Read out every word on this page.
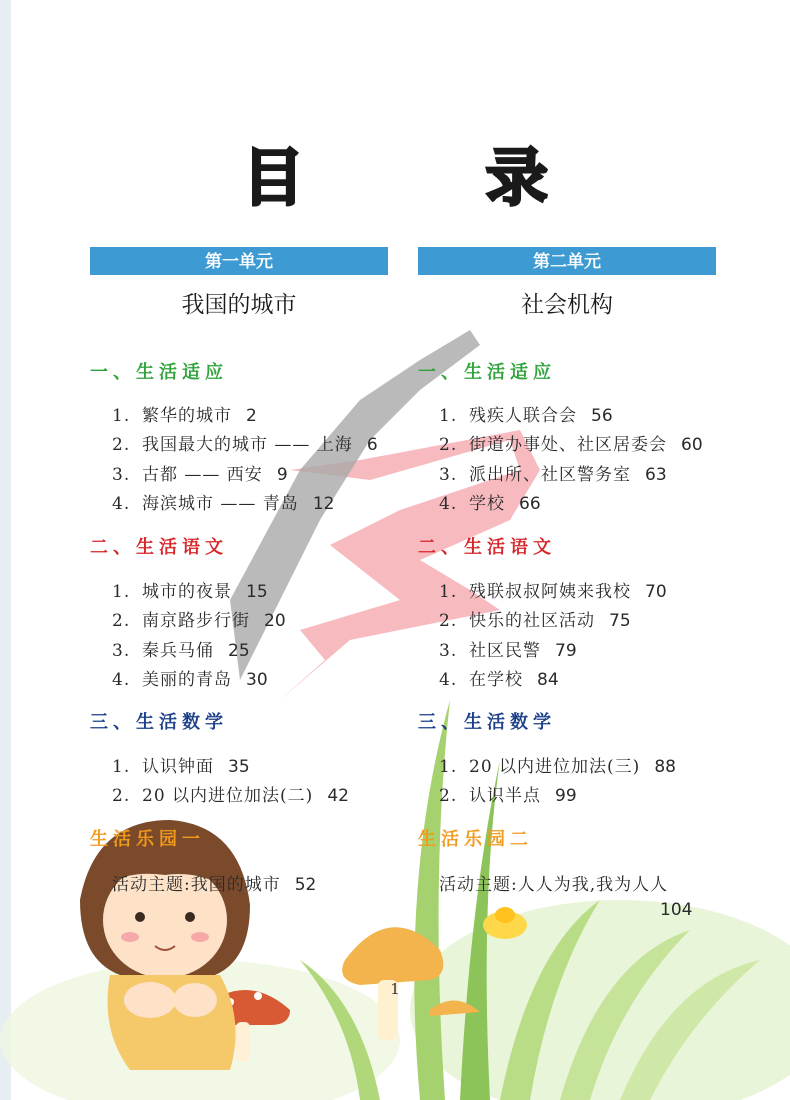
目 录
第一单元
我国的城市
一、生活适应
1. 繁华的城市 2
2. 我国最大的城市 —— 上海 6
3. 古都 —— 西安 9
4. 海滨城市 —— 青岛 12
二、生活语文
1. 城市的夜景 15
2. 南京路步行街 20
3. 秦兵马俑 25
4. 美丽的青岛 30
三、生活数学
1. 认识钟面 35
2. 20 以内进位加法(二) 42
生活乐园一
活动主题:我国的城市 52
第二单元
社会机构
一、生活适应
1. 残疾人联合会 56
2. 街道办事处、社区居委会 60
3. 派出所、社区警务室 63
4. 学校 66
二、生活语文
1. 残联叔叔阿姨来我校 70
2. 快乐的社区活动 75
3. 社区民警 79
4. 在学校 84
三、生活数学
1. 20 以内进位加法(三) 88
2. 认识半点 99
生活乐园二
活动主题:人人为我,我为人人
104
1
